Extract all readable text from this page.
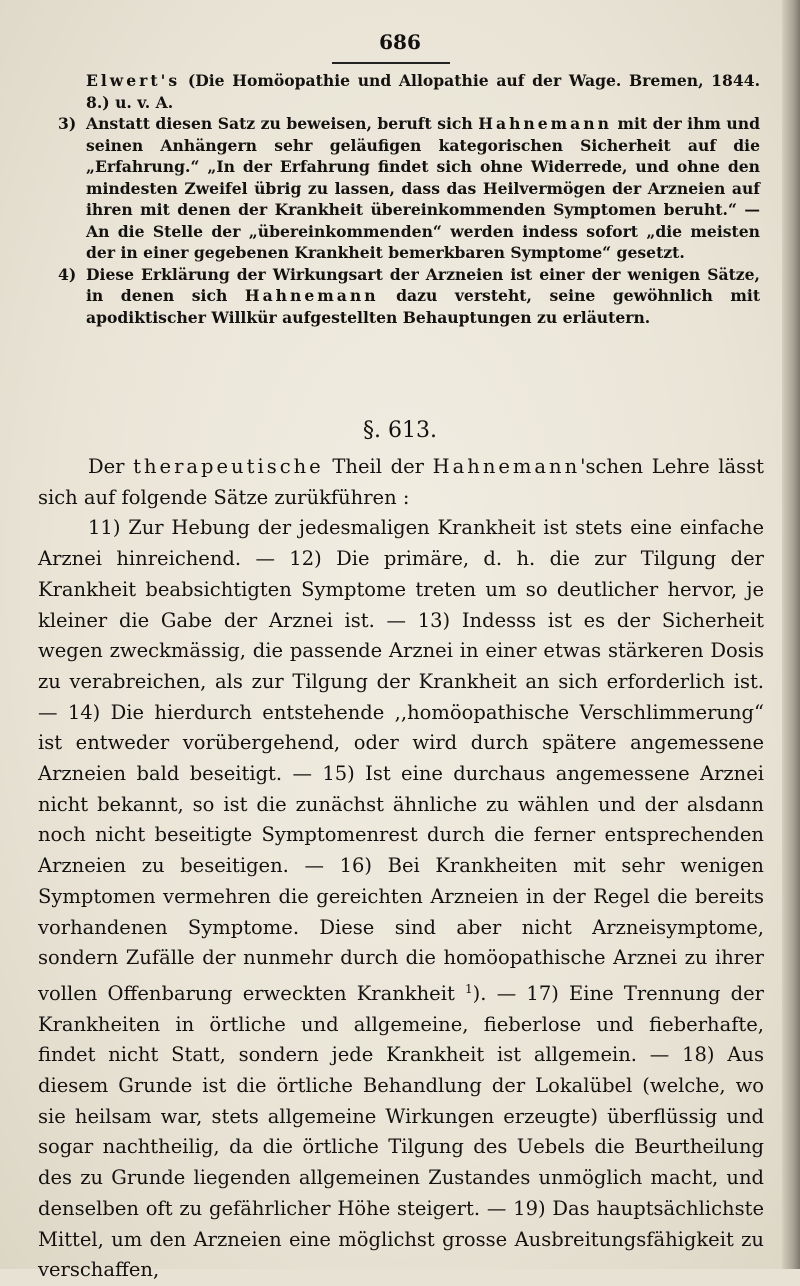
686
Elwert's (Die Homöopathie und Allopathie auf der Wage. Bremen, 1844. 8.) u. v. A.
3) Anstatt diesen Satz zu beweisen, beruft sich Hahnemann mit der ihm und seinen Anhängern sehr geläufigen kategorischen Sicherheit auf die „Erfahrung.“ „In der Erfahrung findet sich ohne Widerrede, und ohne den mindesten Zweifel übrig zu lassen, dass das Heilvermögen der Arzneien auf ihren mit denen der Krankheit übereinkommenden Symptomen beruht.“ — An die Stelle der „übereinkommenden“ werden indess sofort „die meisten der in einer gegebenen Krankheit bemerkbaren Symptome“ gesetzt.
4) Diese Erklärung der Wirkungsart der Arzneien ist einer der wenigen Sätze, in denen sich Hahnemann dazu versteht, seine gewöhnlich mit apodiktischer Willkür aufgestellten Behauptungen zu erläutern.
§. 613.

Der therapeutische Theil der Hahnemann'schen Lehre lässt sich auf folgende Sätze zurükführen :

11) Zur Hebung der jedesmaligen Krankheit ist stets eine einfache Arznei hinreichend. — 12) Die primäre, d. h. die zur Tilgung der Krankheit beabsichtigten Symptome treten um so deutlicher hervor, je kleiner die Gabe der Arznei ist. — 13) Indesss ist es der Sicherheit wegen zweckmässig, die passende Arznei in einer etwas stärkeren Dosis zu verabreichen, als zur Tilgung der Krankheit an sich erforderlich ist. — 14) Die hierdurch entstehende ,,homöopathische Verschlimmerung“ ist entweder vorübergehend, oder wird durch spätere angemessene Arzneien bald beseitigt. — 15) Ist eine durchaus angemessene Arznei nicht bekannt, so ist die zunächst ähnliche zu wählen und der alsdann noch nicht beseitigte Symptomenrest durch die ferner entsprechenden Arzneien zu beseitigen. — 16) Bei Krankheiten mit sehr wenigen Symptomen vermehren die gereichten Arzneien in der Regel die bereits vorhandenen Symptome. Diese sind aber nicht Arzneisymptome, sondern Zufälle der nunmehr durch die homöopathische Arznei zu ihrer vollen Offenbarung erweckten Krankheit $^1$). — 17) Eine Trennung der Krankheiten in örtliche und allgemeine, fieberlose und fieberhafte, findet nicht Statt, sondern jede Krankheit ist allgemein. — 18) Aus diesem Grunde ist die örtliche Behandlung der Lokalübel (welche, wo sie heilsam war, stets allgemeine Wirkungen erzeugte) überflüssig und sogar nachtheilig, da die örtliche Tilgung des Uebels die Beurtheilung des zu Grunde liegenden allgemeinen Zustandes unmöglich macht, und denselben oft zu gefährlicher Höhe steigert. — 19) Das hauptsächlichste Mittel, um den Arzneien eine möglichst grosse Ausbreitungsfähigkeit zu verschaffen,
